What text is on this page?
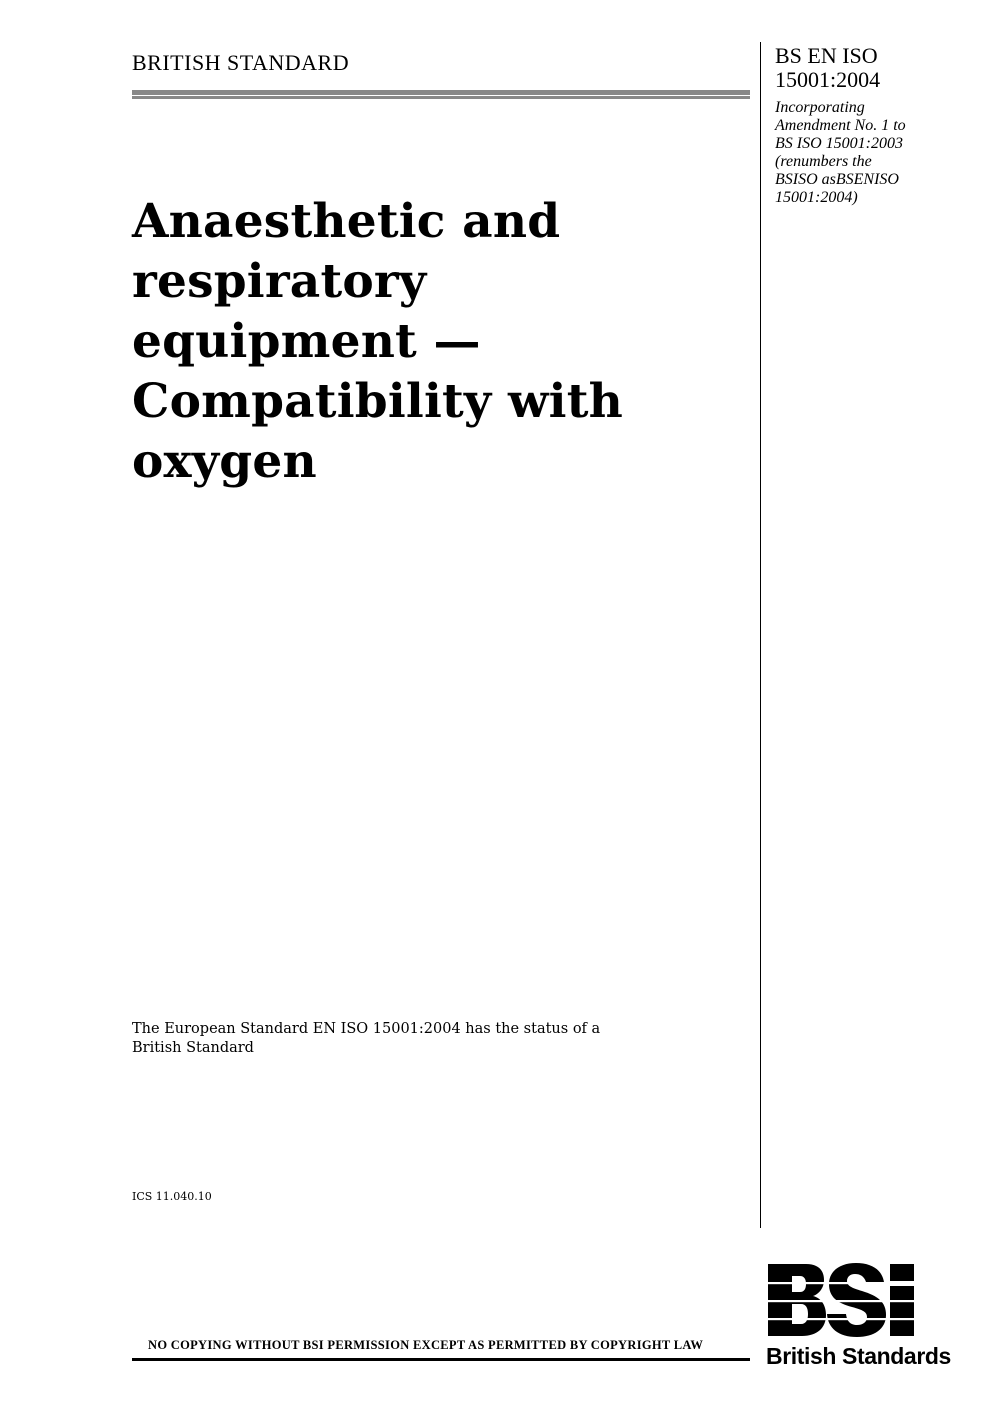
BRITISH STANDARD	BS EN ISO
15001:2004
Incorporating
Amendment No. 1 to
BS ISO 15001:2003
(renumbers the
BSISO asBSENISO
15001:2004)
Anaesthetic and
respiratory
equipment —
Compatibility with
oxygen
The European Standard EN ISO 15001:2004 has the status of a
British Standard
ICS 11.040.10
NO COPYING WITHOUT BSI PERMISSION EXCEPT AS PERMITTED BY COPYRIGHT LAW	British Standards
